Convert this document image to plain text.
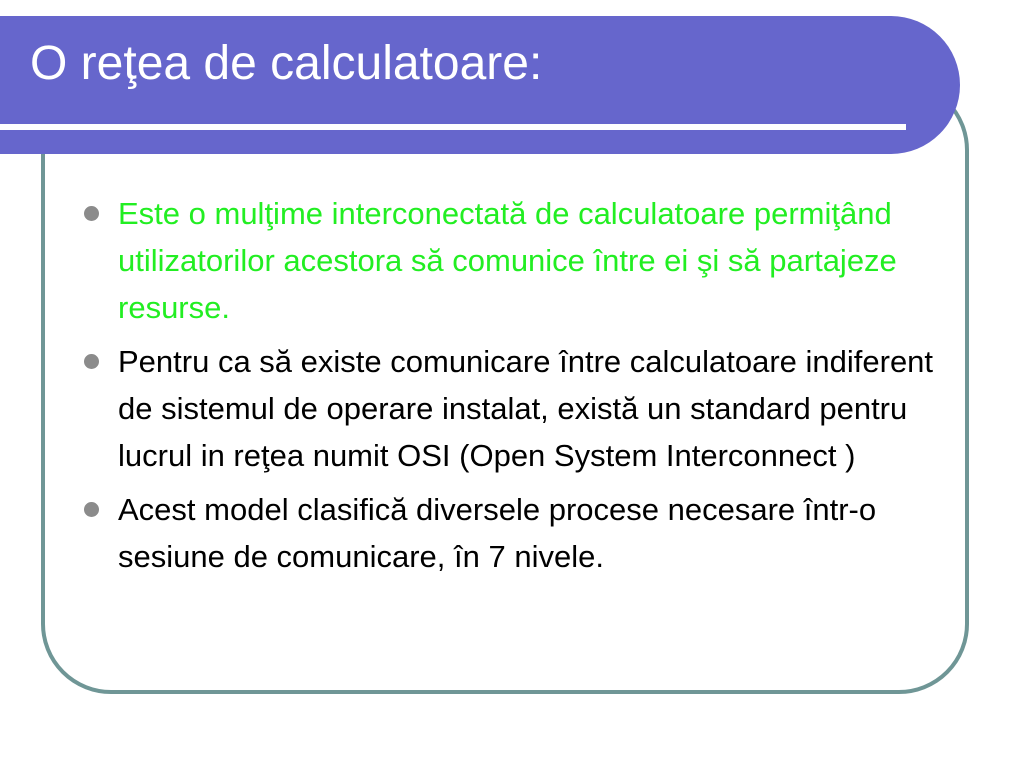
O reţea de calculatoare:
Este o mulţime interconectată de calculatoare permiţând utilizatorilor acestora să comunice între ei şi să partajeze resurse.
Pentru ca să existe comunicare între calculatoare indiferent de sistemul de operare instalat, există un standard pentru lucrul in reţea numit OSI (Open System Interconnect )
Acest model clasifică diversele procese necesare într-o sesiune de comunicare, în 7 nivele.
